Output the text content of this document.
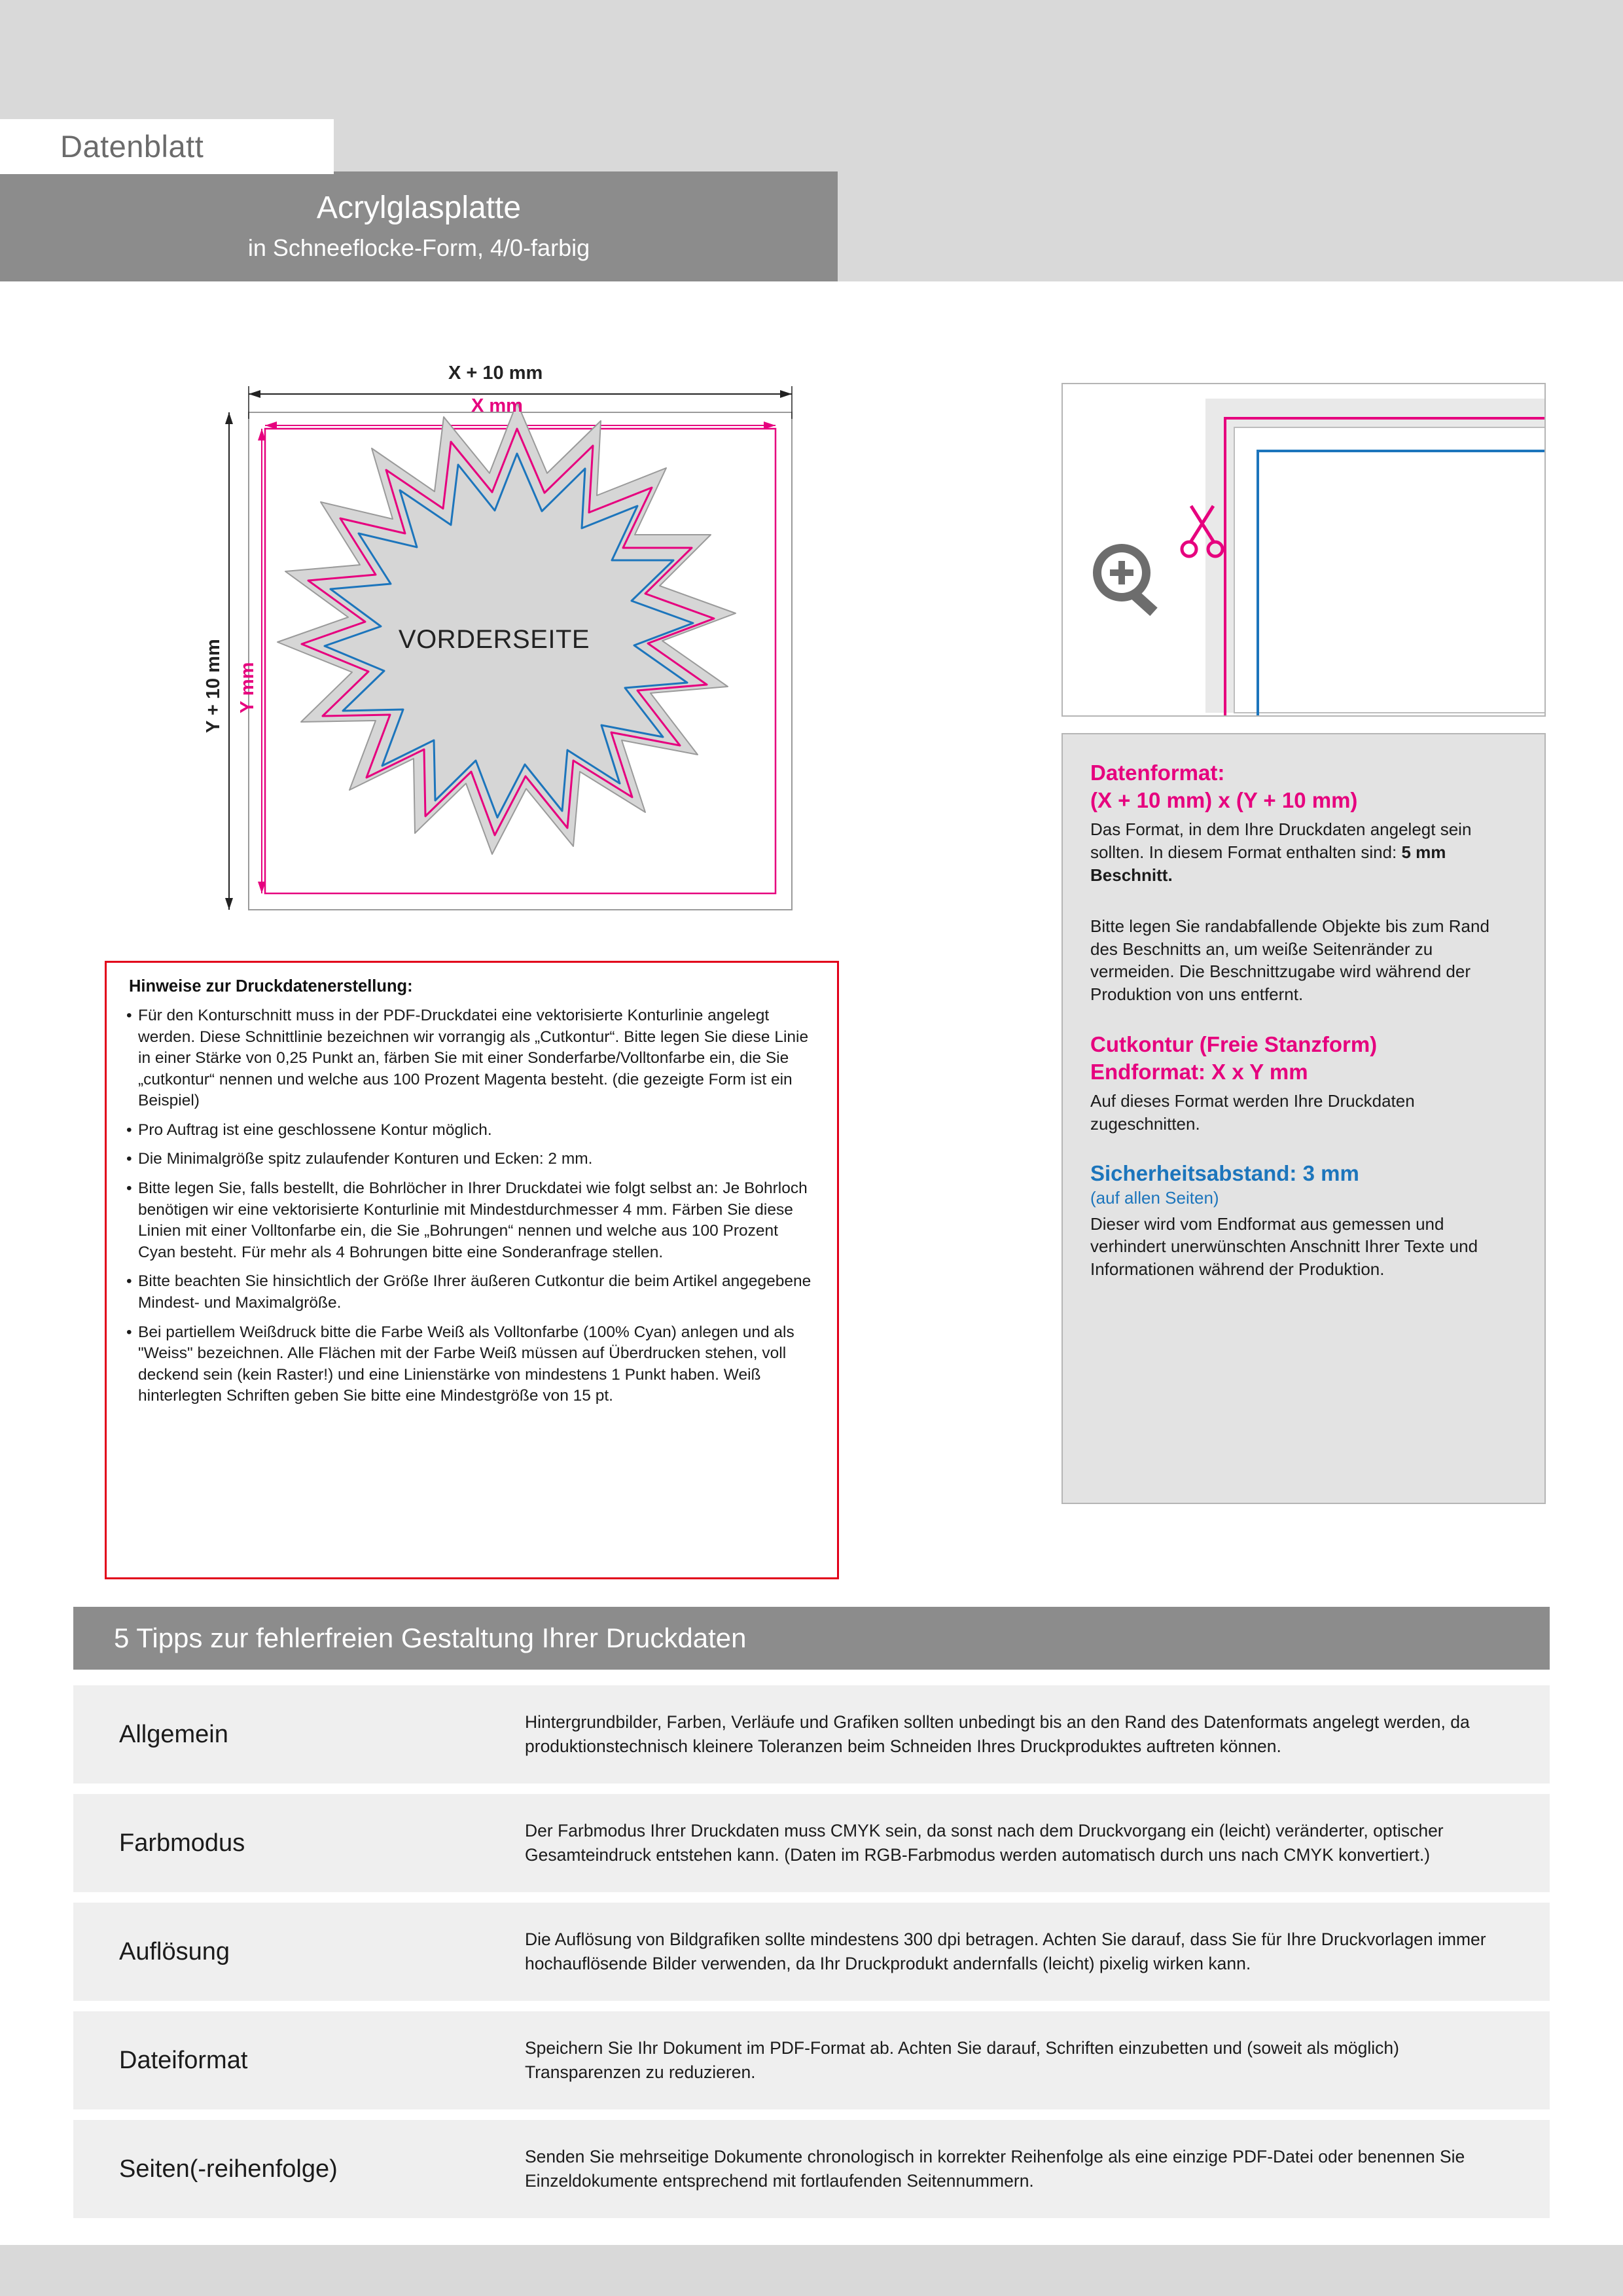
Datenblatt
Acrylglasplatte
in Schneeflocke-Form, 4/0-farbig
X + 10 mm
X mm
Y + 10 mm Y mm
VORDERSEITE
Hinweise zur Druckdatenerstellung:
• Für den Konturschnitt muss in der PDF-Druckdatei eine vektorisierte Konturlinie angelegt werden. Diese Schnittlinie bezeichnen wir vorrangig als „Cutkontur“. Bitte legen Sie diese Linie in einer Stärke von 0,25 Punkt an, färben Sie mit einer Sonderfarbe/Volltonfarbe ein, die Sie „cutkontur“ nennen und welche aus 100 Prozent Magenta besteht. (die gezeigte Form ist ein Beispiel)
• Pro Auftrag ist eine geschlossene Kontur möglich.
• Die Minimalgröße spitz zulaufender Konturen und Ecken: 2 mm.
• Bitte legen Sie, falls bestellt, die Bohrlöcher in Ihrer Druckdatei wie folgt selbst an: Je Bohrloch benötigen wir eine vektorisierte Konturlinie mit Mindestdurchmesser 4 mm. Färben Sie diese Linien mit einer Volltonfarbe ein, die Sie „Bohrungen“ nennen und welche aus 100 Prozent Cyan besteht. Für mehr als 4 Bohrungen bitte eine Sonderanfrage stellen.
• Bitte beachten Sie hinsichtlich der Größe Ihrer äußeren Cutkontur die beim Artikel angegebene Mindest- und Maximalgröße.
• Bei partiellem Weißdruck bitte die Farbe Weiß als Volltonfarbe (100% Cyan) anlegen und als "Weiss" bezeichnen. Alle Flächen mit der Farbe Weiß müssen auf Überdrucken stehen, voll deckend sein (kein Raster!) und eine Linienstärke von mindestens 1 Punkt haben. Weiß hinterlegten Schriften geben Sie bitte eine Mindestgröße von 15 pt.
Datenformat:
(X + 10 mm) x (Y + 10 mm)
Das Format, in dem Ihre Druckdaten angelegt sein sollten. In diesem Format enthalten sind: 5 mm Beschnitt.
Bitte legen Sie randabfallende Objekte bis zum Rand des Beschnitts an, um weiße Seitenränder zu vermeiden. Die Beschnittzugabe wird während der Produktion von uns entfernt.
Cutkontur (Freie Stanzform)
Endformat: X x Y mm
Auf dieses Format werden Ihre Druckdaten zugeschnitten.
Sicherheitsabstand: 3 mm
(auf allen Seiten)
Dieser wird vom Endformat aus gemessen und verhindert unerwünschten Anschnitt Ihrer Texte und Informationen während der Produktion.
5 Tipps zur fehlerfreien Gestaltung Ihrer Druckdaten
Allgemein	Hintergrundbilder, Farben, Verläufe und Grafiken sollten unbedingt bis an den Rand des Datenformats angelegt werden, da produktionstechnisch kleinere Toleranzen beim Schneiden Ihres Druckproduktes auftreten können.
Farbmodus	Der Farbmodus Ihrer Druckdaten muss CMYK sein, da sonst nach dem Druckvorgang ein (leicht) veränderter, optischer Gesamteindruck entstehen kann. (Daten im RGB-Farbmodus werden automatisch durch uns nach CMYK konvertiert.)
Auflösung	Die Auflösung von Bildgrafiken sollte mindestens 300 dpi betragen. Achten Sie darauf, dass Sie für Ihre Druckvorlagen immer hochauflösende Bilder verwenden, da Ihr Druckprodukt andernfalls (leicht) pixelig wirken kann.
Dateiformat	Speichern Sie Ihr Dokument im PDF-Format ab. Achten Sie darauf, Schriften einzubetten und (soweit als möglich) Transparenzen zu reduzieren.
Seiten(-reihenfolge)	Senden Sie mehrseitige Dokumente chronologisch in korrekter Reihenfolge als eine einzige PDF-Datei oder benennen Sie Einzeldokumente entsprechend mit fortlaufenden Seitennummern.
